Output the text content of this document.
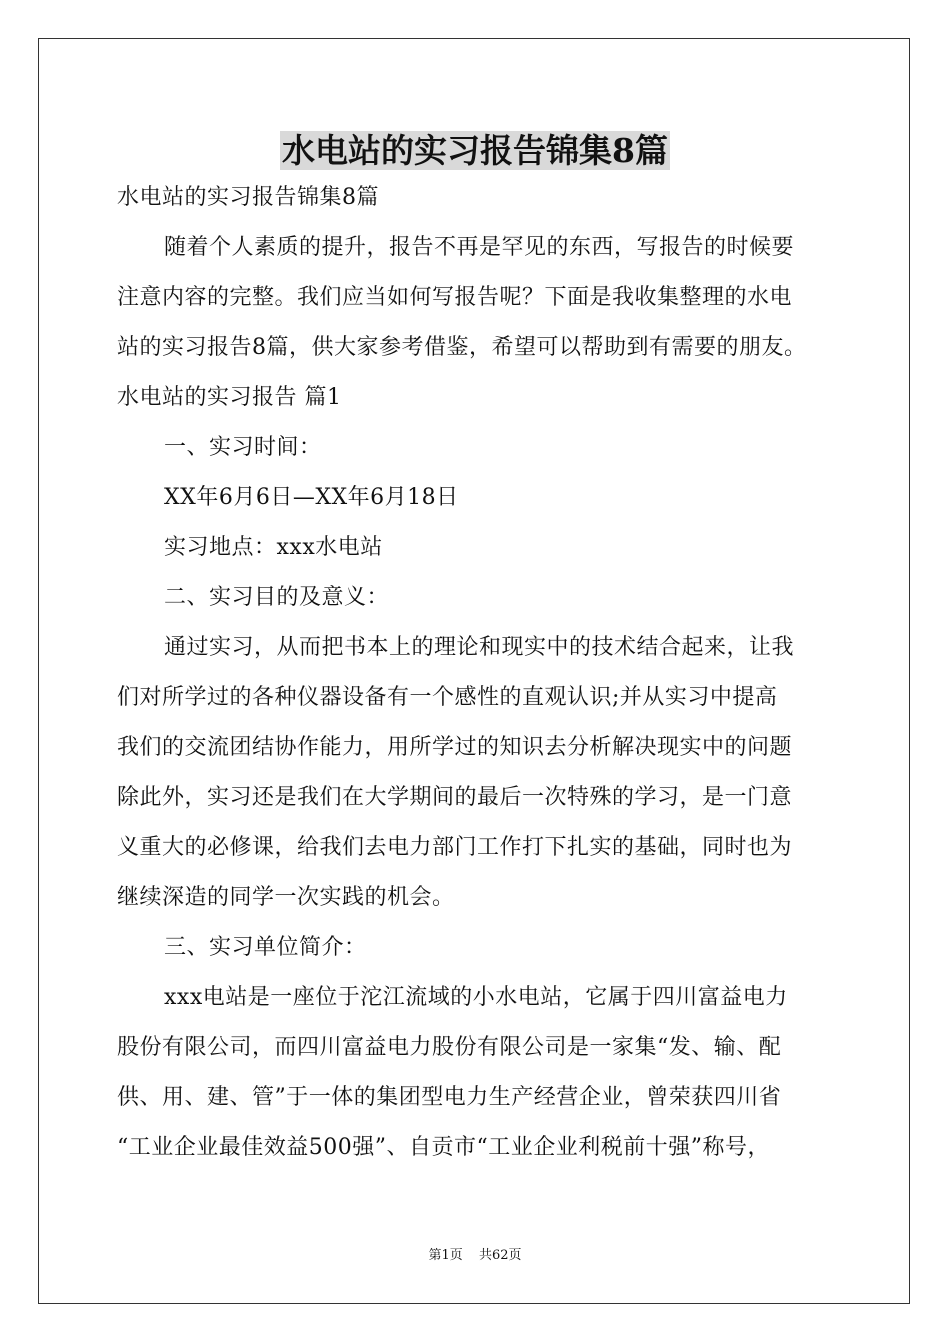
水电站的实习报告锦集8篇
水电站的实习报告锦集8篇
随着个人素质的提升，报告不再是罕见的东西，写报告的时候要
注意内容的完整。我们应当如何写报告呢？下面是我收集整理的水电
站的实习报告8篇，供大家参考借鉴，希望可以帮助到有需要的朋友。
水电站的实习报告 篇1
一、实习时间：
XX年6月6日—XX年6月18日
实习地点：xxx水电站
二、实习目的及意义：
通过实习，从而把书本上的理论和现实中的技术结合起来，让我
们对所学过的各种仪器设备有一个感性的直观认识;并从实习中提高
我们的交流团结协作能力，用所学过的知识去分析解决现实中的问题
除此外，实习还是我们在大学期间的最后一次特殊的学习，是一门意
义重大的必修课，给我们去电力部门工作打下扎实的基础，同时也为
继续深造的同学一次实践的机会。
三、实习单位简介：
xxx电站是一座位于沱江流域的小水电站，它属于四川富益电力
股份有限公司，而四川富益电力股份有限公司是一家集“发、输、配
供、用、建、管”于一体的集团型电力生产经营企业，曾荣获四川省
“工业企业最佳效益500强”、自贡市“工业企业利税前十强”称号，
第1页 共62页
